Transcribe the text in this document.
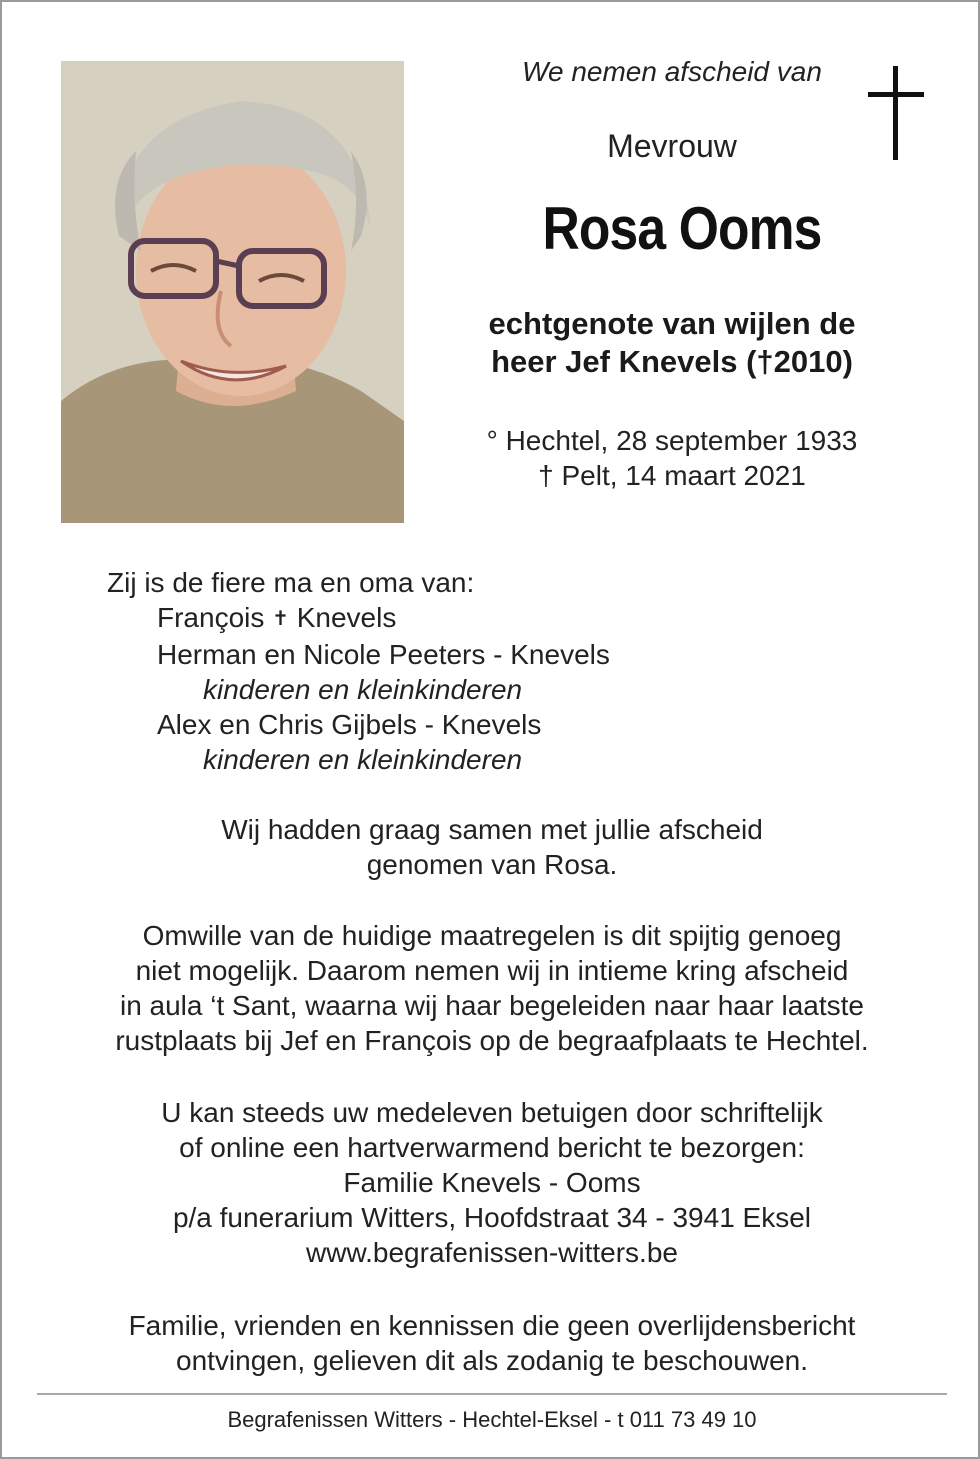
We nemen afscheid van
Mevrouw
Rosa Ooms
echtgenote van wijlen de
heer Jef Knevels (†2010)
° Hechtel, 28 september 1933
† Pelt, 14 maart 2021
Zij is de fiere ma en oma van:
François ✝ Knevels
Herman en Nicole Peeters - Knevels
kinderen en kleinkinderen
Alex en Chris Gijbels - Knevels
kinderen en kleinkinderen
Wij hadden graag samen met jullie afscheid
genomen van Rosa.
Omwille van de huidige maatregelen is dit spijtig genoeg
niet mogelijk. Daarom nemen wij in intieme kring afscheid
in aula ‘t Sant, waarna wij haar begeleiden naar haar laatste
rustplaats bij Jef en François op de begraafplaats te Hechtel.
U kan steeds uw medeleven betuigen door schriftelijk
of online een hartverwarmend bericht te bezorgen:
Familie Knevels - Ooms
p/a funerarium Witters, Hoofdstraat 34 - 3941 Eksel
www.begrafenissen-witters.be
Familie, vrienden en kennissen die geen overlijdensbericht
ontvingen, gelieven dit als zodanig te beschouwen.
Begrafenissen Witters - Hechtel-Eksel - t 011 73 49 10
